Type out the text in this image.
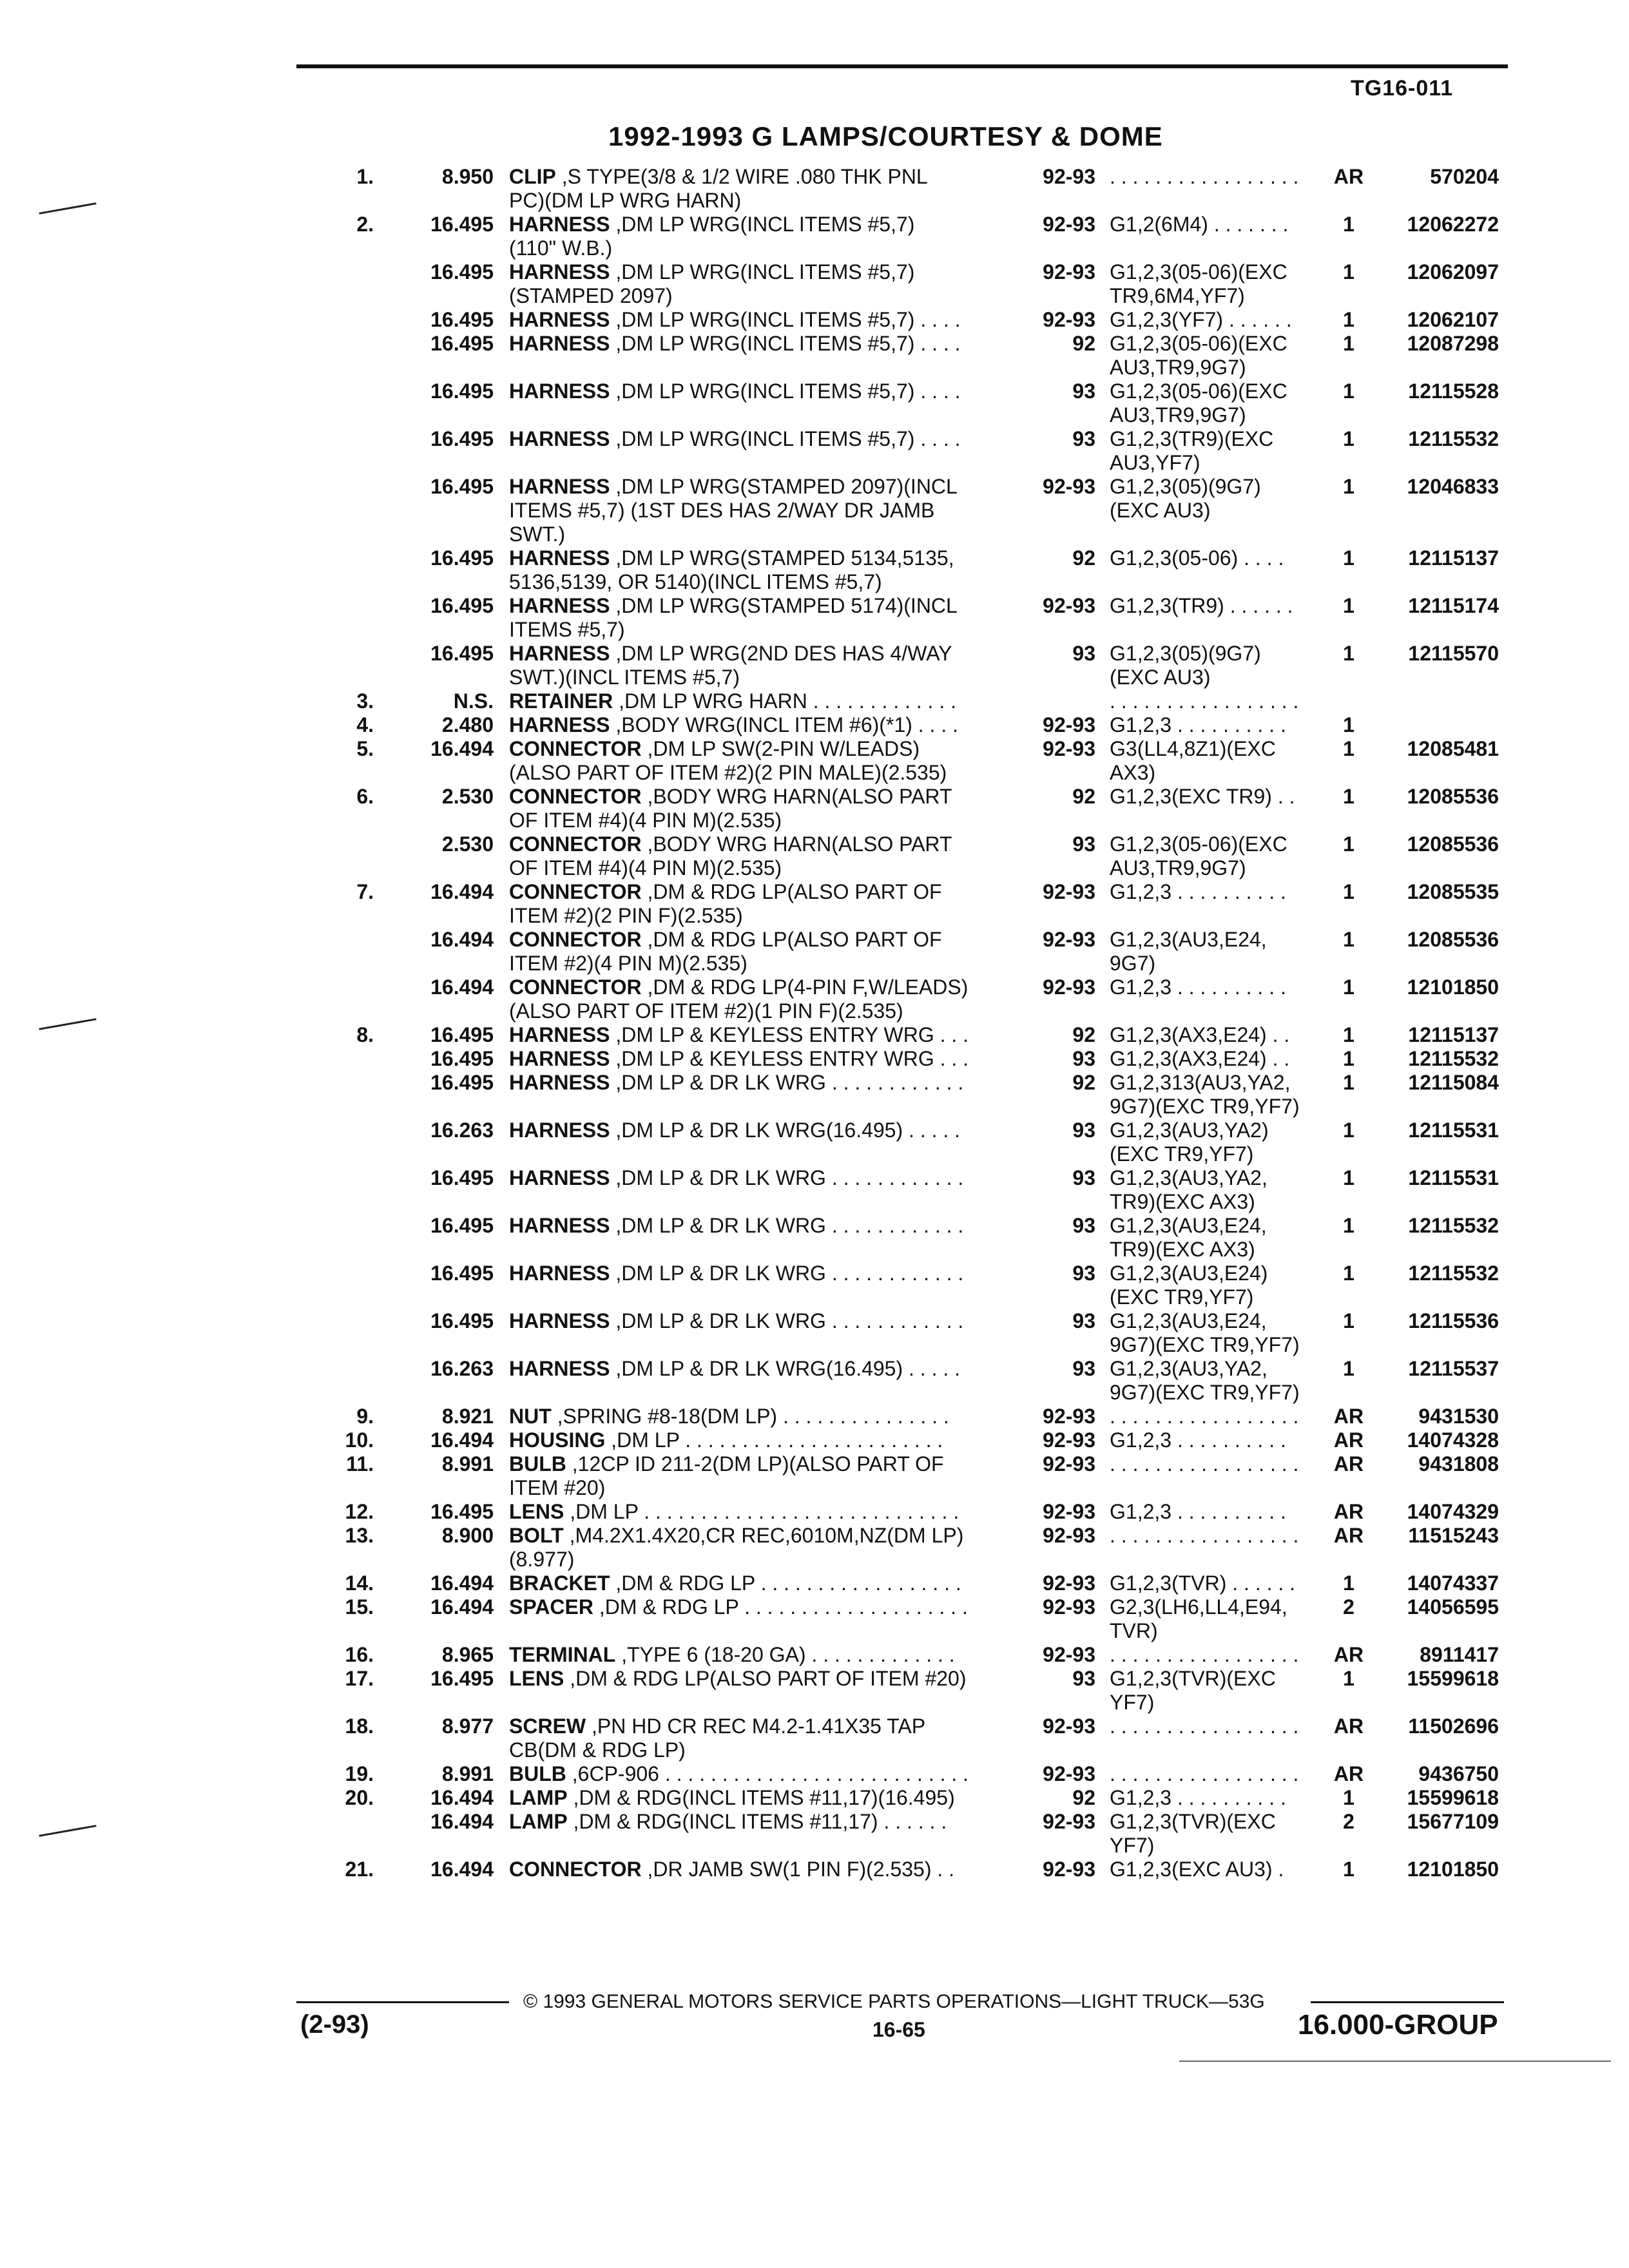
TG16-011
1992-1993 G LAMPS/COURTESY & DOME
1.	8.950 CLIP ,S TYPE(3/8 & 1/2 WIRE .080 THK PNL
PC)(DM LP WRG HARN)
92-93 . . . . . . . . . . . . . . . . .	AR	570204
2.	16.495 HARNESS ,DM LP WRG(INCL ITEMS #5,7)
(110" W.B.)
92-93 G1,2(6M4) . . . . . . .	1	12062272
16.495 HARNESS ,DM LP WRG(INCL ITEMS #5,7)
(STAMPED 2097)
92-93 G1,2,3(05-06)(EXC
TR9,6M4,YF7)
1	12062097
16.495 HARNESS ,DM LP WRG(INCL ITEMS #5,7) . . . .	92-93 G1,2,3(YF7) . . . . . .	1	12062107
16.495 HARNESS ,DM LP WRG(INCL ITEMS #5,7) . . . .	92 G1,2,3(05-06)(EXC
AU3,TR9,9G7)
1	12087298
16.495 HARNESS ,DM LP WRG(INCL ITEMS #5,7) . . . .	93 G1,2,3(05-06)(EXC
AU3,TR9,9G7)
1	12115528
16.495 HARNESS ,DM LP WRG(INCL ITEMS #5,7) . . . .	93 G1,2,3(TR9)(EXC
AU3,YF7)
1	12115532
16.495 HARNESS ,DM LP WRG(STAMPED 2097)(INCL
ITEMS #5,7) (1ST DES HAS 2/WAY DR JAMB
SWT.)
92-93 G1,2,3(05)(9G7)
(EXC AU3)
1	12046833
16.495 HARNESS ,DM LP WRG(STAMPED 5134,5135,
5136,5139, OR 5140)(INCL ITEMS #5,7)
92 G1,2,3(05-06) . . . .	1	12115137
16.495 HARNESS ,DM LP WRG(STAMPED 5174)(INCL
ITEMS #5,7)
92-93 G1,2,3(TR9) . . . . . .	1	12115174
16.495 HARNESS ,DM LP WRG(2ND DES HAS 4/WAY
SWT.)(INCL ITEMS #5,7)
93 G1,2,3(05)(9G7)
(EXC AU3)
1	12115570
3.	N.S. RETAINER ,DM LP WRG HARN . . . . . . . . . . . . .	. . . . . . . . . . . . . . . . .
4.	2.480 HARNESS ,BODY WRG(INCL ITEM #6)(*1) . . . .	92-93 G1,2,3 . . . . . . . . . .	1
5.	16.494 CONNECTOR ,DM LP SW(2-PIN W/LEADS)
(ALSO PART OF ITEM #2)(2 PIN MALE)(2.535)
92-93 G3(LL4,8Z1)(EXC
AX3)
1	12085481
6.	2.530 CONNECTOR ,BODY WRG HARN(ALSO PART
OF ITEM #4)(4 PIN M)(2.535)
92 G1,2,3(EXC TR9) . .	1	12085536
2.530 CONNECTOR ,BODY WRG HARN(ALSO PART
OF ITEM #4)(4 PIN M)(2.535)
93 G1,2,3(05-06)(EXC
AU3,TR9,9G7)
1	12085536
7.	16.494 CONNECTOR ,DM & RDG LP(ALSO PART OF
ITEM #2)(2 PIN F)(2.535)
92-93 G1,2,3 . . . . . . . . . .	1	12085535
16.494 CONNECTOR ,DM & RDG LP(ALSO PART OF
ITEM #2)(4 PIN M)(2.535)
92-93 G1,2,3(AU3,E24,
9G7)
1	12085536
16.494 CONNECTOR ,DM & RDG LP(4-PIN F,W/LEADS)
(ALSO PART OF ITEM #2)(1 PIN F)(2.535)
92-93 G1,2,3 . . . . . . . . . .	1	12101850
8.	16.495 HARNESS ,DM LP & KEYLESS ENTRY WRG . . .	92 G1,2,3(AX3,E24) . .	1	12115137
16.495 HARNESS ,DM LP & KEYLESS ENTRY WRG . . .	93 G1,2,3(AX3,E24) . .	1	12115532
16.495 HARNESS ,DM LP & DR LK WRG . . . . . . . . . . . .	92 G1,2,313(AU3,YA2,
9G7)(EXC TR9,YF7)
1	12115084
16.263 HARNESS ,DM LP & DR LK WRG(16.495) . . . . .	93 G1,2,3(AU3,YA2)
(EXC TR9,YF7)
1	12115531
16.495 HARNESS ,DM LP & DR LK WRG . . . . . . . . . . . .	93 G1,2,3(AU3,YA2,
TR9)(EXC AX3)
1	12115531
16.495 HARNESS ,DM LP & DR LK WRG . . . . . . . . . . . .	93 G1,2,3(AU3,E24,
TR9)(EXC AX3)
1	12115532
16.495 HARNESS ,DM LP & DR LK WRG . . . . . . . . . . . .	93 G1,2,3(AU3,E24)
(EXC TR9,YF7)
1	12115532
16.495 HARNESS ,DM LP & DR LK WRG . . . . . . . . . . . .	93 G1,2,3(AU3,E24,
9G7)(EXC TR9,YF7)
1	12115536
16.263 HARNESS ,DM LP & DR LK WRG(16.495) . . . . .	93 G1,2,3(AU3,YA2,
9G7)(EXC TR9,YF7)
1	12115537
9.	8.921 NUT ,SPRING #8-18(DM LP) . . . . . . . . . . . . . . .	92-93 . . . . . . . . . . . . . . . . .	AR	9431530
10.	16.494 HOUSING ,DM LP . . . . . . . . . . . . . . . . . . . . . . .	92-93 G1,2,3 . . . . . . . . . .	AR	14074328
11.	8.991 BULB ,12CP ID 211-2(DM LP)(ALSO PART OF
ITEM #20)
92-93 . . . . . . . . . . . . . . . . .	AR	9431808
12.	16.495 LENS ,DM LP . . . . . . . . . . . . . . . . . . . . . . . . . . . .	92-93 G1,2,3 . . . . . . . . . .	AR	14074329
13.	8.900 BOLT ,M4.2X1.4X20,CR REC,6010M,NZ(DM LP)
(8.977)
92-93 . . . . . . . . . . . . . . . . .	AR	11515243
14.	16.494 BRACKET ,DM & RDG LP . . . . . . . . . . . . . . . . . .	92-93 G1,2,3(TVR) . . . . . .	1	14074337
15.	16.494 SPACER ,DM & RDG LP . . . . . . . . . . . . . . . . . . . .	92-93 G2,3(LH6,LL4,E94,
TVR)
2	14056595
16.	8.965 TERMINAL ,TYPE 6 (18-20 GA) . . . . . . . . . . . . .	92-93 . . . . . . . . . . . . . . . . .	AR	8911417
17.	16.495 LENS ,DM & RDG LP(ALSO PART OF ITEM #20)	93 G1,2,3(TVR)(EXC
YF7)
1	15599618
18.	8.977 SCREW ,PN HD CR REC M4.2-1.41X35 TAP
CB(DM & RDG LP)
92-93 . . . . . . . . . . . . . . . . .	AR	11502696
19.	8.991 BULB ,6CP-906 . . . . . . . . . . . . . . . . . . . . . . . . . . .	92-93 . . . . . . . . . . . . . . . . .	AR	9436750
20.	16.494 LAMP ,DM & RDG(INCL ITEMS #11,17)(16.495)	92 G1,2,3 . . . . . . . . . .	1	15599618
16.494 LAMP ,DM & RDG(INCL ITEMS #11,17) . . . . . .	92-93 G1,2,3(TVR)(EXC
YF7)
2	15677109
21.	16.494 CONNECTOR ,DR JAMB SW(1 PIN F)(2.535) . .	92-93 G1,2,3(EXC AU3) .	1	12101850
© 1993 GENERAL MOTORS SERVICE PARTS OPERATIONS—LIGHT TRUCK—53G
(2-93)	16-65	16.000-GROUP
